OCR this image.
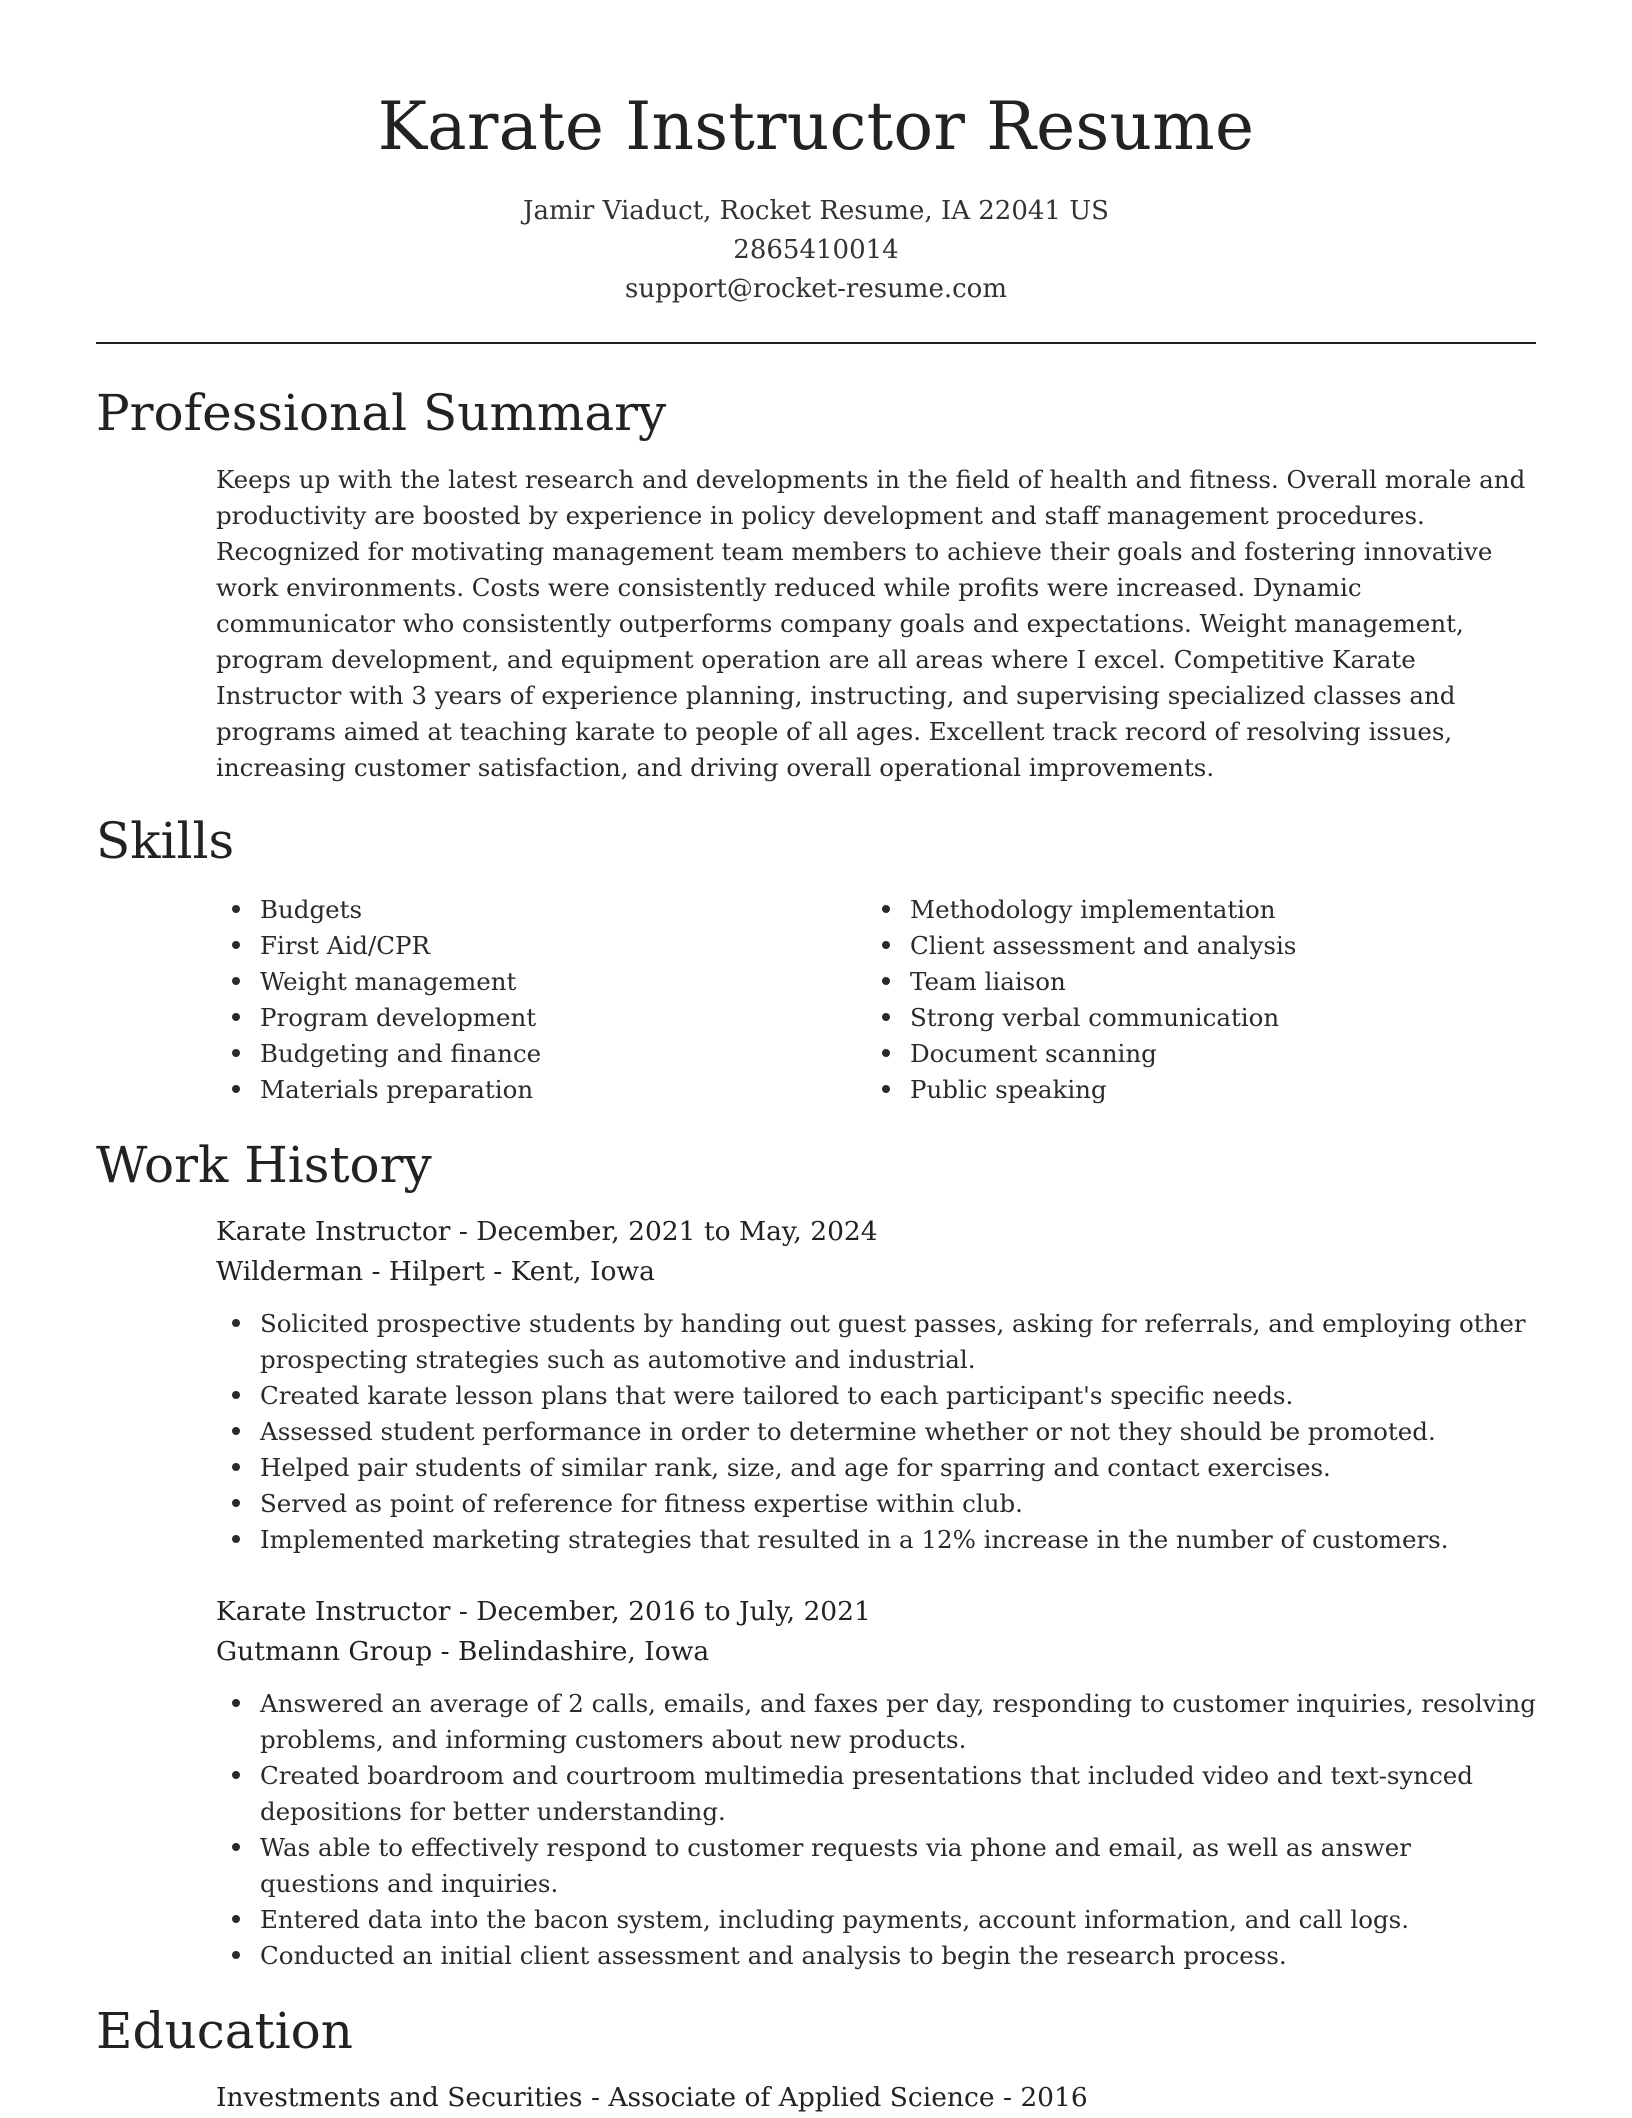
Karate Instructor Resume
Jamir Viaduct, Rocket Resume, IA 22041 US
2865410014
support@rocket-resume.com
Professional Summary

Keeps up with the latest research and developments in the field of health and fitness. Overall morale and productivity are boosted by experience in policy development and staff management procedures. Recognized for motivating management team members to achieve their goals and fostering innovative work environments. Costs were consistently reduced while profits were increased. Dynamic communicator who consistently outperforms company goals and expectations. Weight management, program development, and equipment operation are all areas where I excel. Competitive Karate Instructor with 3 years of experience planning, instructing, and supervising specialized classes and programs aimed at teaching karate to people of all ages. Excellent track record of resolving issues, increasing customer satisfaction, and driving overall operational improvements.

Skills
Budgets
First Aid/CPR
Weight management
Program development
Budgeting and finance
Materials preparation
Methodology implementation
Client assessment and analysis
Team liaison
Strong verbal communication
Document scanning
Public speaking
Work History
Karate Instructor - December, 2021 to May, 2024
Wilderman - Hilpert - Kent, Iowa
Solicited prospective students by handing out guest passes, asking for referrals, and employing other prospecting strategies such as automotive and industrial.
Created karate lesson plans that were tailored to each participant's specific needs.
Assessed student performance in order to determine whether or not they should be promoted.
Helped pair students of similar rank, size, and age for sparring and contact exercises.
Served as point of reference for fitness expertise within club.
Implemented marketing strategies that resulted in a 12% increase in the number of customers.
Karate Instructor - December, 2016 to July, 2021
Gutmann Group - Belindashire, Iowa
Answered an average of 2 calls, emails, and faxes per day, responding to customer inquiries, resolving problems, and informing customers about new products.
Created boardroom and courtroom multimedia presentations that included video and text-synced depositions for better understanding.
Was able to effectively respond to customer requests via phone and email, as well as answer questions and inquiries.
Entered data into the bacon system, including payments, account information, and call logs.
Conducted an initial client assessment and analysis to begin the research process.
Education
Investments and Securities - Associate of Applied Science - 2016
